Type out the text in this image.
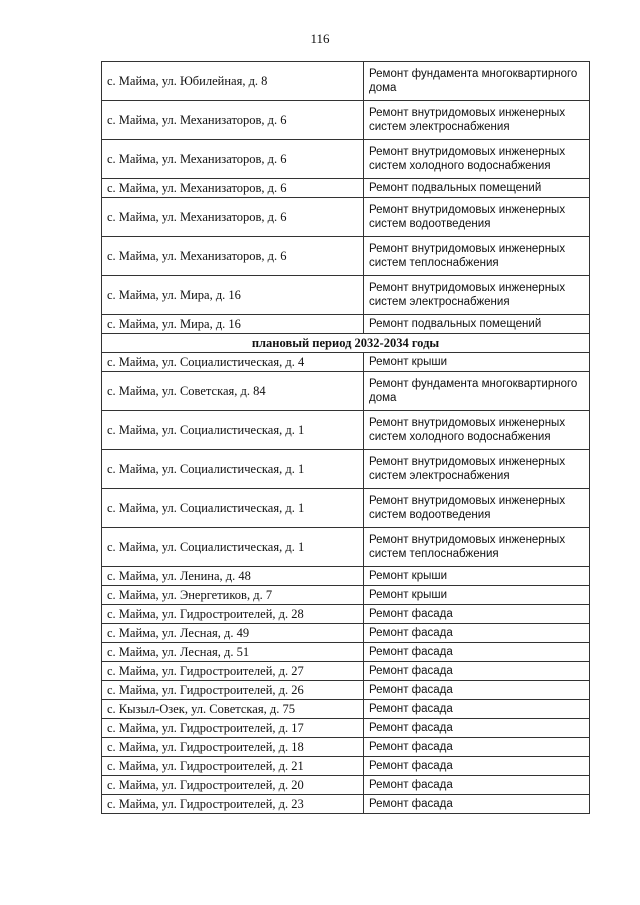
116
с. Майма, ул. Юбилейная, д. 8	Ремонт фундамента многоквартирного дома
с. Майма, ул. Механизаторов, д. 6	Ремонт внутридомовых инженерных систем электроснабжения
с. Майма, ул. Механизаторов, д. 6	Ремонт внутридомовых инженерных систем холодного водоснабжения
с. Майма, ул. Механизаторов, д. 6	Ремонт подвальных помещений
с. Майма, ул. Механизаторов, д. 6	Ремонт внутридомовых инженерных систем водоотведения
с. Майма, ул. Механизаторов, д. 6	Ремонт внутридомовых инженерных систем теплоснабжения
с. Майма, ул. Мира, д. 16	Ремонт внутридомовых инженерных систем электроснабжения
с. Майма, ул. Мира, д. 16	Ремонт подвальных помещений
плановый период 2032-2034 годы	
с. Майма, ул. Социалистическая, д. 4	Ремонт крыши
с. Майма, ул. Советская, д. 84	Ремонт фундамента многоквартирного дома
с. Майма, ул. Социалистическая, д. 1	Ремонт внутридомовых инженерных систем холодного водоснабжения
с. Майма, ул. Социалистическая, д. 1	Ремонт внутридомовых инженерных систем электроснабжения
с. Майма, ул. Социалистическая, д. 1	Ремонт внутридомовых инженерных систем водоотведения
с. Майма, ул. Социалистическая, д. 1	Ремонт внутридомовых инженерных систем теплоснабжения
с. Майма, ул. Ленина, д. 48	Ремонт крыши
с. Майма, ул. Энергетиков, д. 7	Ремонт крыши
с. Майма, ул. Гидростроителей, д. 28	Ремонт фасада
с. Майма, ул. Лесная, д. 49	Ремонт фасада
с. Майма, ул. Лесная, д. 51	Ремонт фасада
с. Майма, ул. Гидростроителей, д. 27	Ремонт фасада
с. Майма, ул. Гидростроителей, д. 26	Ремонт фасада
с. Кызыл-Озек, ул. Советская, д. 75	Ремонт фасада
с. Майма, ул. Гидростроителей, д. 17	Ремонт фасада
с. Майма, ул. Гидростроителей, д. 18	Ремонт фасада
с. Майма, ул. Гидростроителей, д. 21	Ремонт фасада
с. Майма, ул. Гидростроителей, д. 20	Ремонт фасада
с. Майма, ул. Гидростроителей, д. 23	Ремонт фасада
